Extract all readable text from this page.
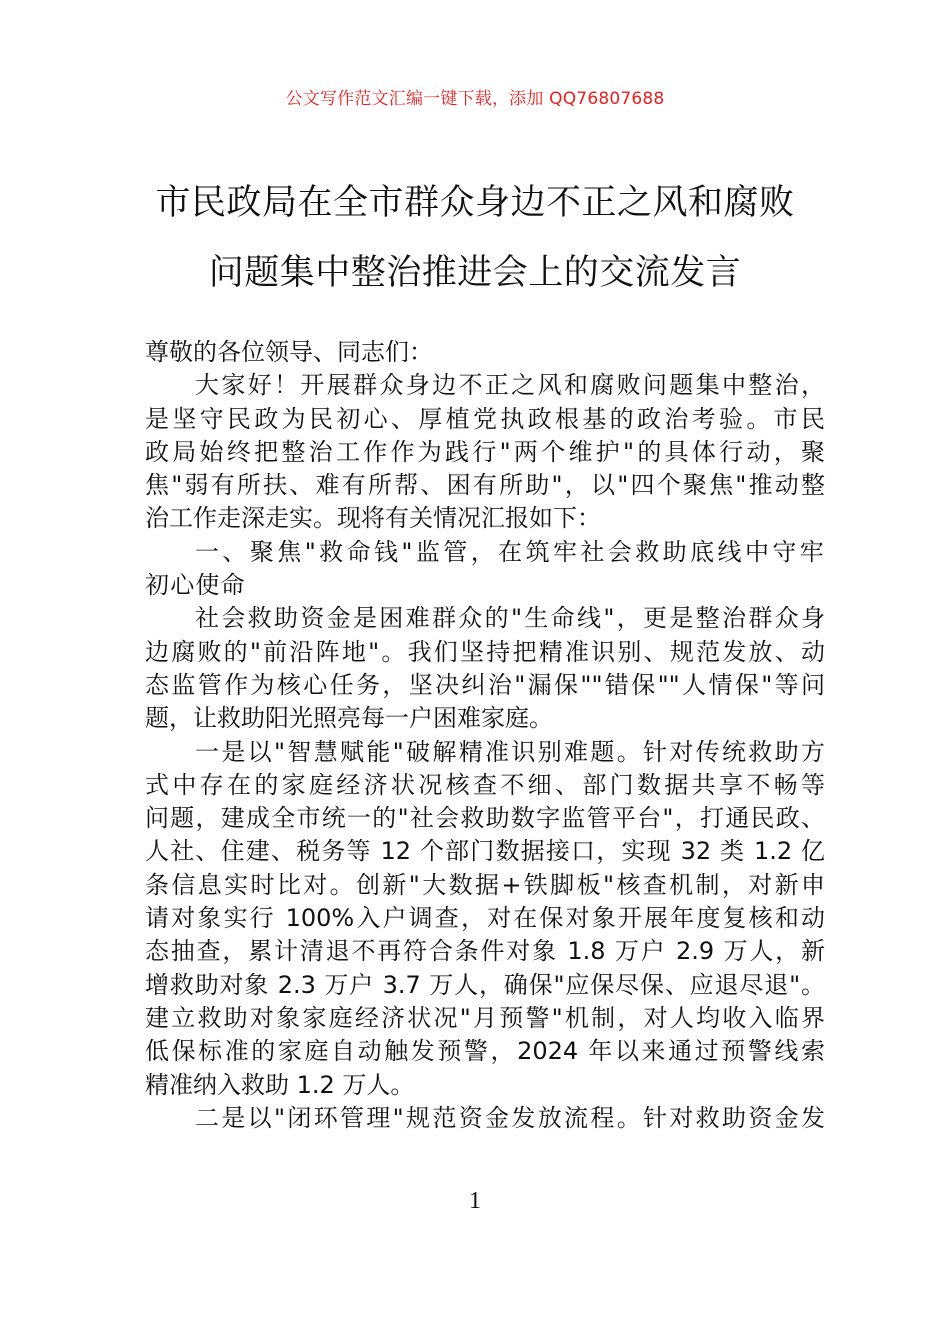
公文写作范文汇编一键下载，添加 QQ76807688
市民政局在全市群众身边不正之风和腐败
问题集中整治推进会上的交流发言
尊敬的各位领导、同志们：
大家好！开展群众身边不正之风和腐败问题集中整治，
是坚守民政为民初心、厚植党执政根基的政治考验。市民
政局始终把整治工作作为践行"两个维护"的具体行动，聚
焦"弱有所扶、难有所帮、困有所助"，以"四个聚焦"推动整
治工作走深走实。现将有关情况汇报如下：
一、聚焦"救命钱"监管，在筑牢社会救助底线中守牢
初心使命
社会救助资金是困难群众的"生命线"，更是整治群众身
边腐败的"前沿阵地"。我们坚持把精准识别、规范发放、动
态监管作为核心任务，坚决纠治"漏保""错保""人情保"等问
题，让救助阳光照亮每一户困难家庭。
一是以"智慧赋能"破解精准识别难题。针对传统救助方
式中存在的家庭经济状况核查不细、部门数据共享不畅等
问题，建成全市统一的"社会救助数字监管平台"，打通民政、
人社、住建、税务等 12 个部门数据接口，实现 32 类 1.2 亿
条信息实时比对。创新"大数据+铁脚板"核查机制，对新申
请对象实行 100%入户调查，对在保对象开展年度复核和动
态抽查，累计清退不再符合条件对象 1.8 万户 2.9 万人，新
增救助对象 2.3 万户 3.7 万人，确保"应保尽保、应退尽退"。
建立救助对象家庭经济状况"月预警"机制，对人均收入临界
低保标准的家庭自动触发预警，2024 年以来通过预警线索
精准纳入救助 1.2 万人。
二是以"闭环管理"规范资金发放流程。针对救助资金发
1
